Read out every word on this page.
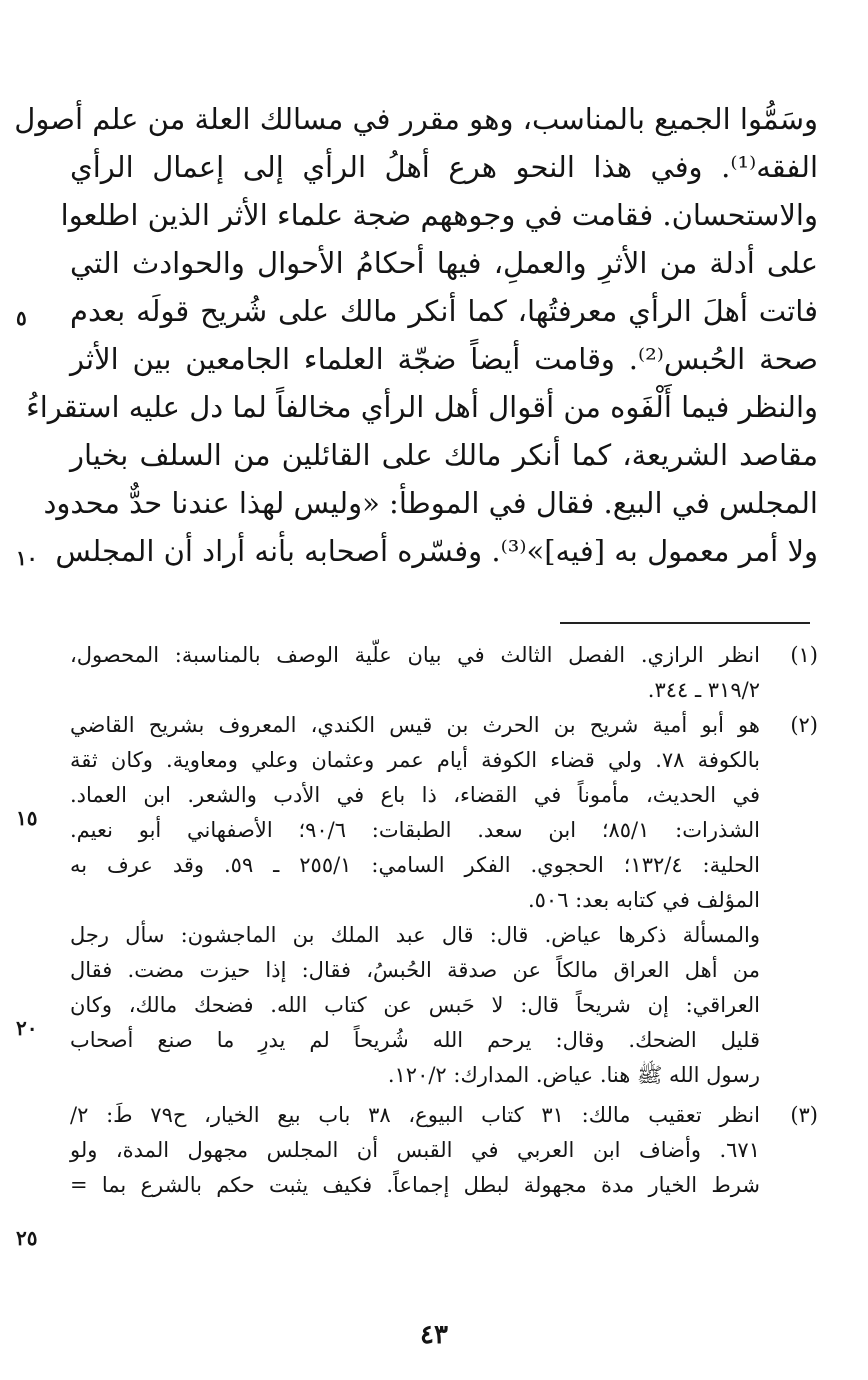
وسَمُّوا الجميع بالمناسب، وهو مقرر في مسالك العلة من علم أصول
الفقه⁽¹⁾. وفي هذا النحو هرع أهلُ الرأي إلى إعمال الرأي
والاستحسان. فقامت في وجوههم ضجة علماء الأثر الذين اطلعوا
على أدلة من الأثرِ والعملِ، فيها أحكامُ الأحوال والحوادث التي
فاتت أهلَ الرأي معرفتُها، كما أنكر مالك على شُريح قولَه بعدم
صحة الحُبس⁽²⁾. وقامت أيضاً ضجّة العلماء الجامعين بين الأثر
والنظر فيما أَلْفَوه من أقوال أهل الرأي مخالفاً لما دل عليه استقراءُ
مقاصد الشريعة، كما أنكر مالك على القائلين من السلف بخيار
المجلس في البيع. فقال في الموطأ: «وليس لهذا عندنا حدٌّ محدود
ولا أمر معمول به [فيه]»⁽³⁾. وفسّره أصحابه بأنه أراد أن المجلس
٥
١٠
١٥
٢٠
٢٥
(١)
انظر الرازي. الفصل الثالث في بيان علّية الوصف بالمناسبة: المحصول،
٣١٩/٢ ـ ٣٤٤.
(٢)
هو أبو أمية شريح بن الحرث بن قيس الكندي، المعروف بشريح القاضي
بالكوفة ٧٨. ولي قضاء الكوفة أيام عمر وعثمان وعلي ومعاوية. وكان ثقة
في الحديث، مأموناً في القضاء، ذا باع في الأدب والشعر. ابن العماد.
الشذرات: ٨٥/١؛ ابن سعد. الطبقات: ٩٠/٦؛ الأصفهاني أبو نعيم.
الحلية: ١٣٢/٤؛ الحجوي. الفكر السامي: ٢٥٥/١ ـ ٥٩. وقد عرف به
المؤلف في كتابه بعد: ٥٠٦.
والمسألة ذكرها عياض. قال: قال عبد الملك بن الماجشون: سأل رجل
من أهل العراق مالكاً عن صدقة الحُبسُ، فقال: إذا حيزت مضت. فقال
العراقي: إن شريحاً قال: لا حَبس عن كتاب الله. فضحك مالك، وكان
قليل الضحك. وقال: يرحم الله شُريحاً لم يدرِ ما صنع أصحاب
رسول الله ﷺ هنا. عياض. المدارك: ١٢٠/٢.
(٣)
انظر تعقيب مالك: ٣١ كتاب البيوع، ٣٨ باب بيع الخيار، ح٧٩ طَ: ٢/
٦٧١. وأضاف ابن العربي في القبس أن المجلس مجهول المدة، ولو
شرط الخيار مدة مجهولة لبطل إجماعاً. فكيف يثبت حكم بالشرع بما =
٤٣
